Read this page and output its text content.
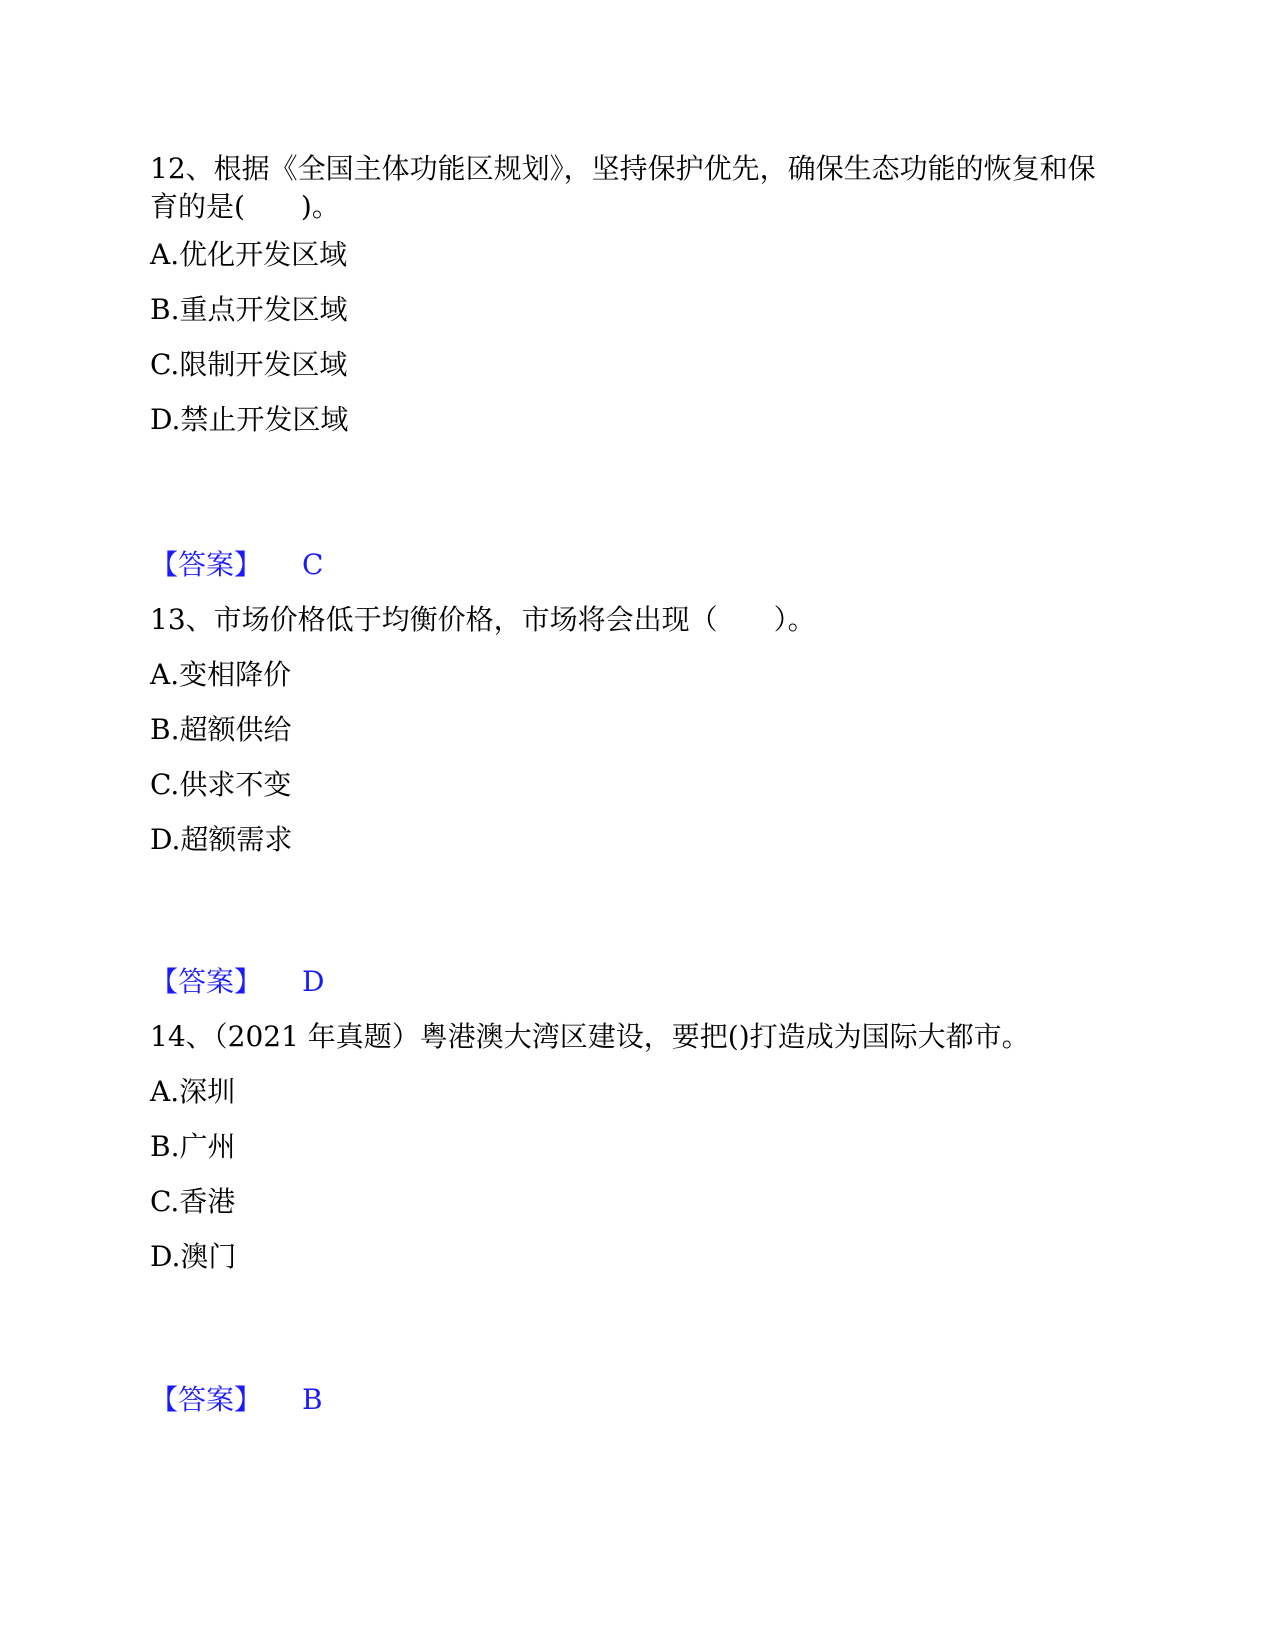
12、根据《全国主体功能区规划》，坚持保护优先，确保生态功能的恢复和保育的是(　　)。
A.优化开发区域
B.重点开发区域
C.限制开发区域
D.禁止开发区域
【答案】 C
13、市场价格低于均衡价格，市场将会出现（　　）。
A.变相降价
B.超额供给
C.供求不变
D.超额需求
【答案】 D
14、（2021 年真题）粤港澳大湾区建设，要把()打造成为国际大都市。
A.深圳
B.广州
C.香港
D.澳门
【答案】 B
